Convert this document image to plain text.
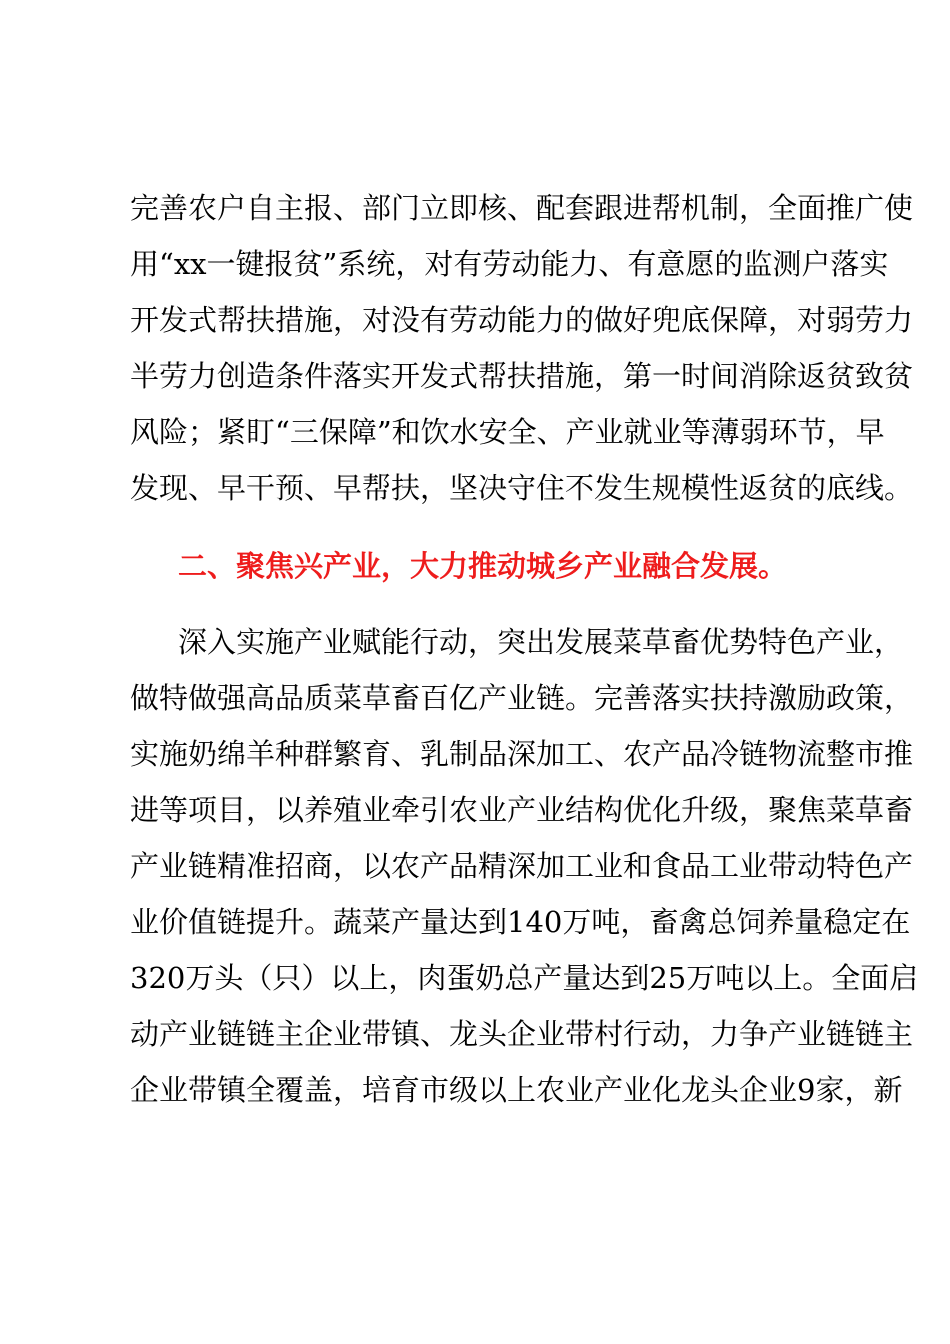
完善农户自主报、部门立即核、配套跟进帮机制，全面推广使
用“xx一键报贫”系统，对有劳动能力、有意愿的监测户落实
开发式帮扶措施，对没有劳动能力的做好兜底保障，对弱劳力
半劳力创造条件落实开发式帮扶措施，第一时间消除返贫致贫
风险；紧盯“三保障”和饮水安全、产业就业等薄弱环节，早
发现、早干预、早帮扶，坚决守住不发生规模性返贫的底线。
二、聚焦兴产业，大力推动城乡产业融合发展。
深入实施产业赋能行动，突出发展菜草畜优势特色产业，
做特做强高品质菜草畜百亿产业链。完善落实扶持激励政策，
实施奶绵羊种群繁育、乳制品深加工、农产品冷链物流整市推
进等项目，以养殖业牵引农业产业结构优化升级，聚焦菜草畜
产业链精准招商，以农产品精深加工业和食品工业带动特色产
业价值链提升。蔬菜产量达到140万吨，畜禽总饲养量稳定在
320万头（只）以上，肉蛋奶总产量达到25万吨以上。全面启
动产业链链主企业带镇、龙头企业带村行动，力争产业链链主
企业带镇全覆盖，培育市级以上农业产业化龙头企业9家，新
